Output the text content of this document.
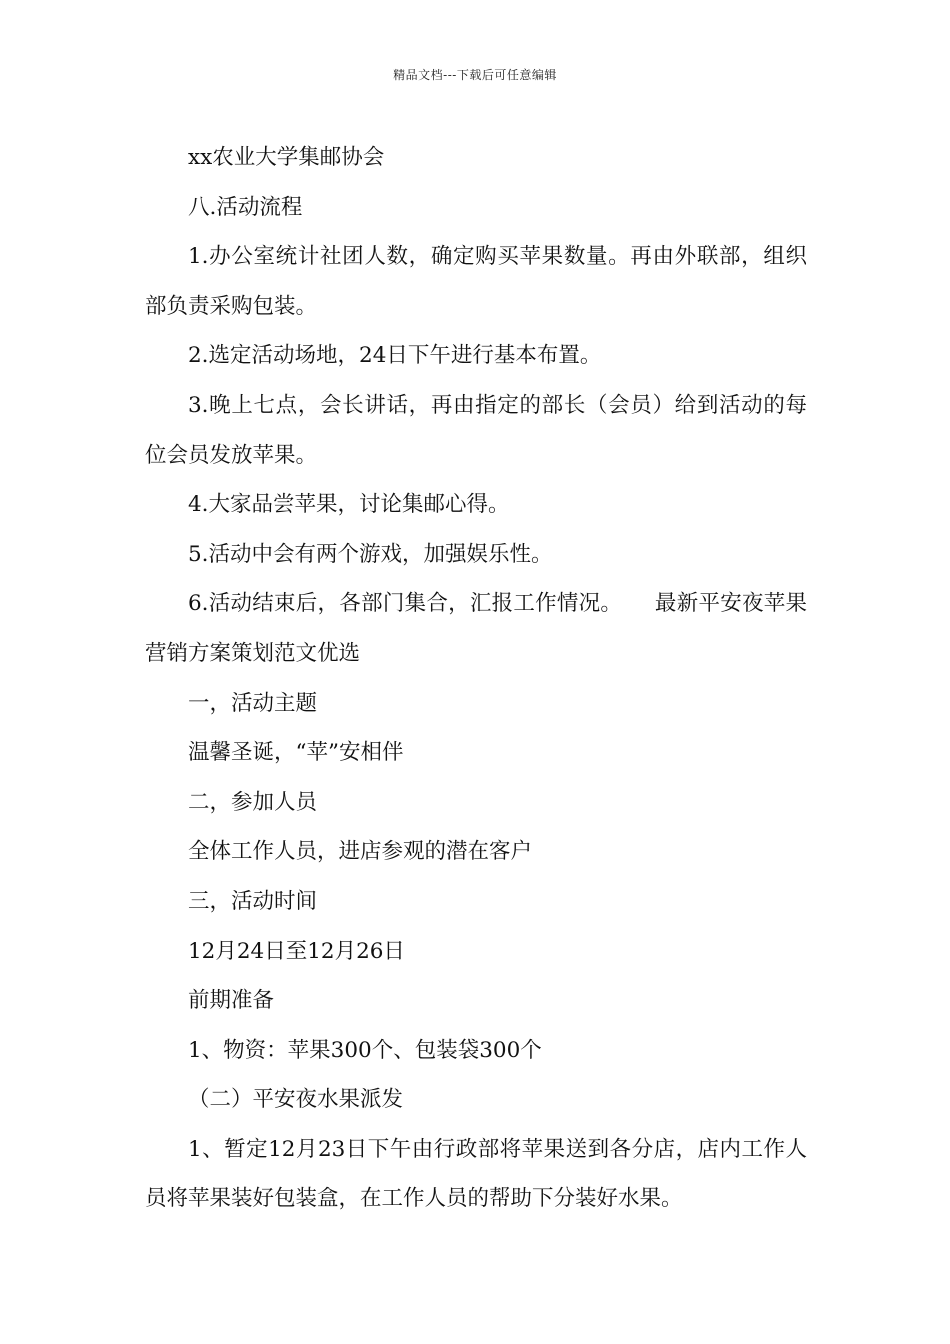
精品文档---下载后可任意编辑

xx农业大学集邮协会

八.活动流程

1.办公室统计社团人数，确定购买苹果数量。再由外联部，组织部负责采购包装。

2.选定活动场地，24日下午进行基本布置。

3.晚上七点，会长讲话，再由指定的部长（会员）给到活动的每位会员发放苹果。

4.大家品尝苹果，讨论集邮心得。

5.活动中会有两个游戏，加强娱乐性。

6.活动结束后，各部门集合，汇报工作情况。　　最新平安夜苹果营销方案策划范文优选

一，活动主题

温馨圣诞，“苹”安相伴

二，参加人员

全体工作人员，进店参观的潜在客户

三，活动时间

12月24日至12月26日

前期准备

1、物资：苹果300个、包装袋300个

（二）平安夜水果派发

1、暂定12月23日下午由行政部将苹果送到各分店，店内工作人员将苹果装好包装盒，在工作人员的帮助下分装好水果。
